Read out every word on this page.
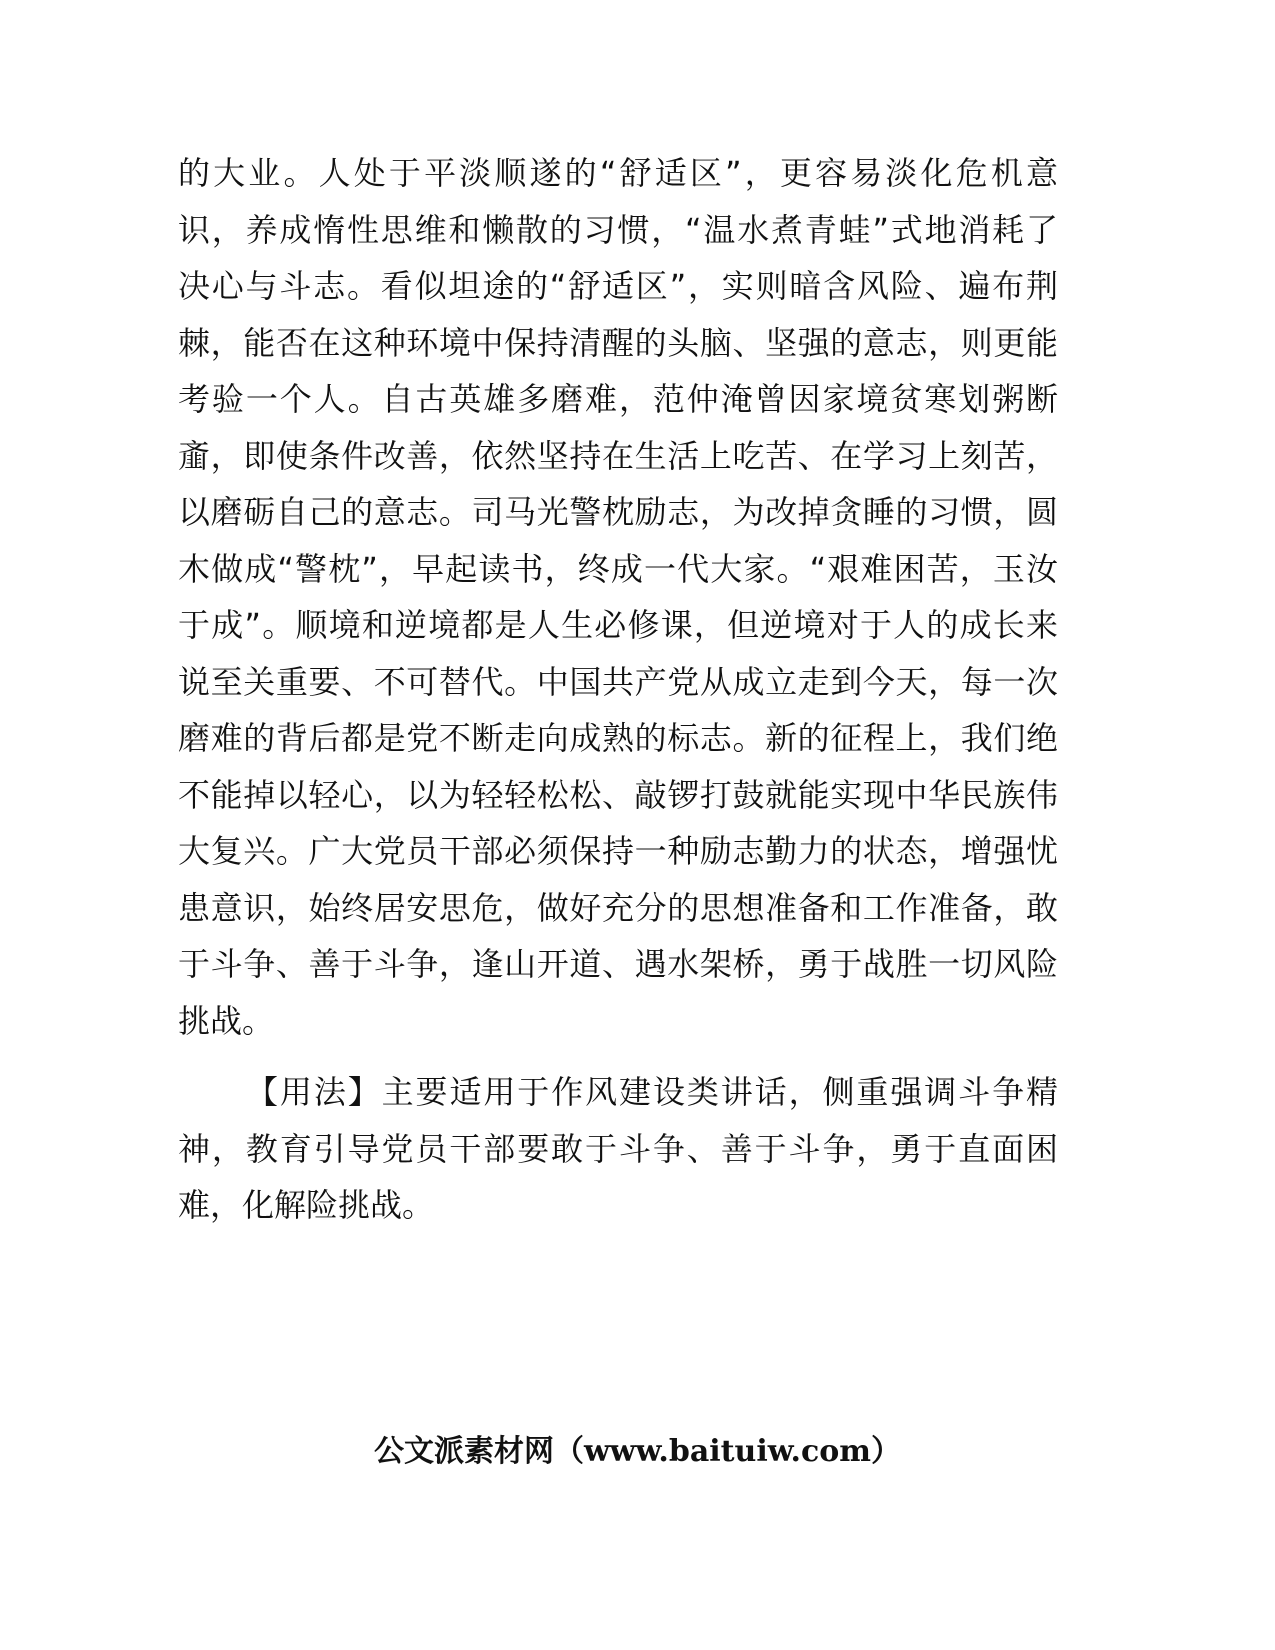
的大业。人处于平淡顺遂的“舒适区”，更容易淡化危机意
识，养成惰性思维和懒散的习惯，“温水煮青蛙”式地消耗了
决心与斗志。看似坦途的“舒适区”，实则暗含风险、遍布荆
棘，能否在这种环境中保持清醒的头脑、坚强的意志，则更能
考验一个人。自古英雄多磨难，范仲淹曾因家境贫寒划粥断
齑，即使条件改善，依然坚持在生活上吃苦、在学习上刻苦，
以磨砺自己的意志。司马光警枕励志，为改掉贪睡的习惯，圆
木做成“警枕”，早起读书，终成一代大家。“艰难困苦，玉汝
于成”。顺境和逆境都是人生必修课，但逆境对于人的成长来
说至关重要、不可替代。中国共产党从成立走到今天，每一次
磨难的背后都是党不断走向成熟的标志。新的征程上，我们绝
不能掉以轻心，以为轻轻松松、敲锣打鼓就能实现中华民族伟
大复兴。广大党员干部必须保持一种励志勤力的状态，增强忧
患意识，始终居安思危，做好充分的思想准备和工作准备，敢
于斗争、善于斗争，逢山开道、遇水架桥，勇于战胜一切风险
挑战。
【用法】主要适用于作风建设类讲话，侧重强调斗争精
神，教育引导党员干部要敢于斗争、善于斗争，勇于直面困
难，化解险挑战。
公文派素材网（www.baituiw.com）
